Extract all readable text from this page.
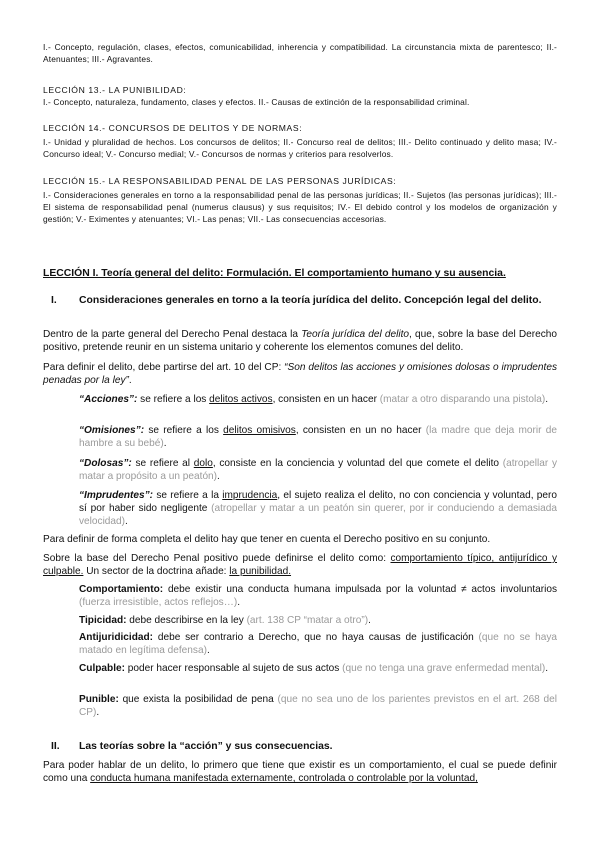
I.- Concepto, regulación, clases, efectos, comunicabilidad, inherencia y compatibilidad. La circunstancia mixta de parentesco; II.- Atenuantes; III.- Agravantes.
LECCIÓN 13.- LA PUNIBILIDAD:
I.- Concepto, naturaleza, fundamento, clases y efectos. II.- Causas de extinción de la responsabilidad criminal.
LECCIÓN 14.- CONCURSOS DE DELITOS Y DE NORMAS:
I.- Unidad y pluralidad de hechos. Los concursos de delitos; II.- Concurso real de delitos; III.- Delito continuado y delito masa; IV.- Concurso ideal; V.- Concurso medial; V.- Concursos de normas y criterios para resolverlos.
LECCIÓN 15.- LA RESPONSABILIDAD PENAL DE LAS PERSONAS JURÍDICAS:
I.- Consideraciones generales en torno a la responsabilidad penal de las personas jurídicas; II.- Sujetos (las personas jurídicas); III.- El sistema de responsabilidad penal (numerus clausus) y sus requisitos; IV.- El debido control y los modelos de organización y gestión; V.- Eximentes y atenuantes; VI.- Las penas; VII.- Las consecuencias accesorias.
LECCIÓN I. Teoría general del delito: Formulación. El comportamiento humano y su ausencia.
I. Consideraciones generales en torno a la teoría jurídica del delito. Concepción legal del delito.
Dentro de la parte general del Derecho Penal destaca la Teoría jurídica del delito, que, sobre la base del Derecho positivo, pretende reunir en un sistema unitario y coherente los elementos comunes del delito.
Para definir el delito, debe partirse del art. 10 del CP: “Son delitos las acciones y omisiones dolosas o imprudentes penadas por la ley”.
“Acciones”: se refiere a los delitos activos, consisten en un hacer (matar a otro disparando una pistola).
“Omisiones”: se refiere a los delitos omisivos, consisten en un no hacer (la madre que deja morir de hambre a su bebé).
“Dolosas”: se refiere al dolo, consiste en la conciencia y voluntad del que comete el delito (atropellar y matar a propósito a un peatón).
“Imprudentes”: se refiere a la imprudencia, el sujeto realiza el delito, no con conciencia y voluntad, pero sí por haber sido negligente (atropellar y matar a un peatón sin querer, por ir conduciendo a demasiada velocidad).
Para definir de forma completa el delito hay que tener en cuenta el Derecho positivo en su conjunto.
Sobre la base del Derecho Penal positivo puede definirse el delito como: comportamiento típico, antijurídico y culpable. Un sector de la doctrina añade: la punibilidad.
Comportamiento: debe existir una conducta humana impulsada por la voluntad ≠ actos involuntarios (fuerza irresistible, actos reflejos…).
Tipicidad: debe describirse en la ley (art. 138 CP “matar a otro”).
Antijuridicidad: debe ser contrario a Derecho, que no haya causas de justificación (que no se haya matado en legítima defensa).
Culpable: poder hacer responsable al sujeto de sus actos (que no tenga una grave enfermedad mental).
Punible: que exista la posibilidad de pena (que no sea uno de los parientes previstos en el art. 268 del CP).
II. Las teorías sobre la “acción” y sus consecuencias.
Para poder hablar de un delito, lo primero que tiene que existir es un comportamiento, el cual se puede definir como una conducta humana manifestada externamente, controlada o controlable por la voluntad,
